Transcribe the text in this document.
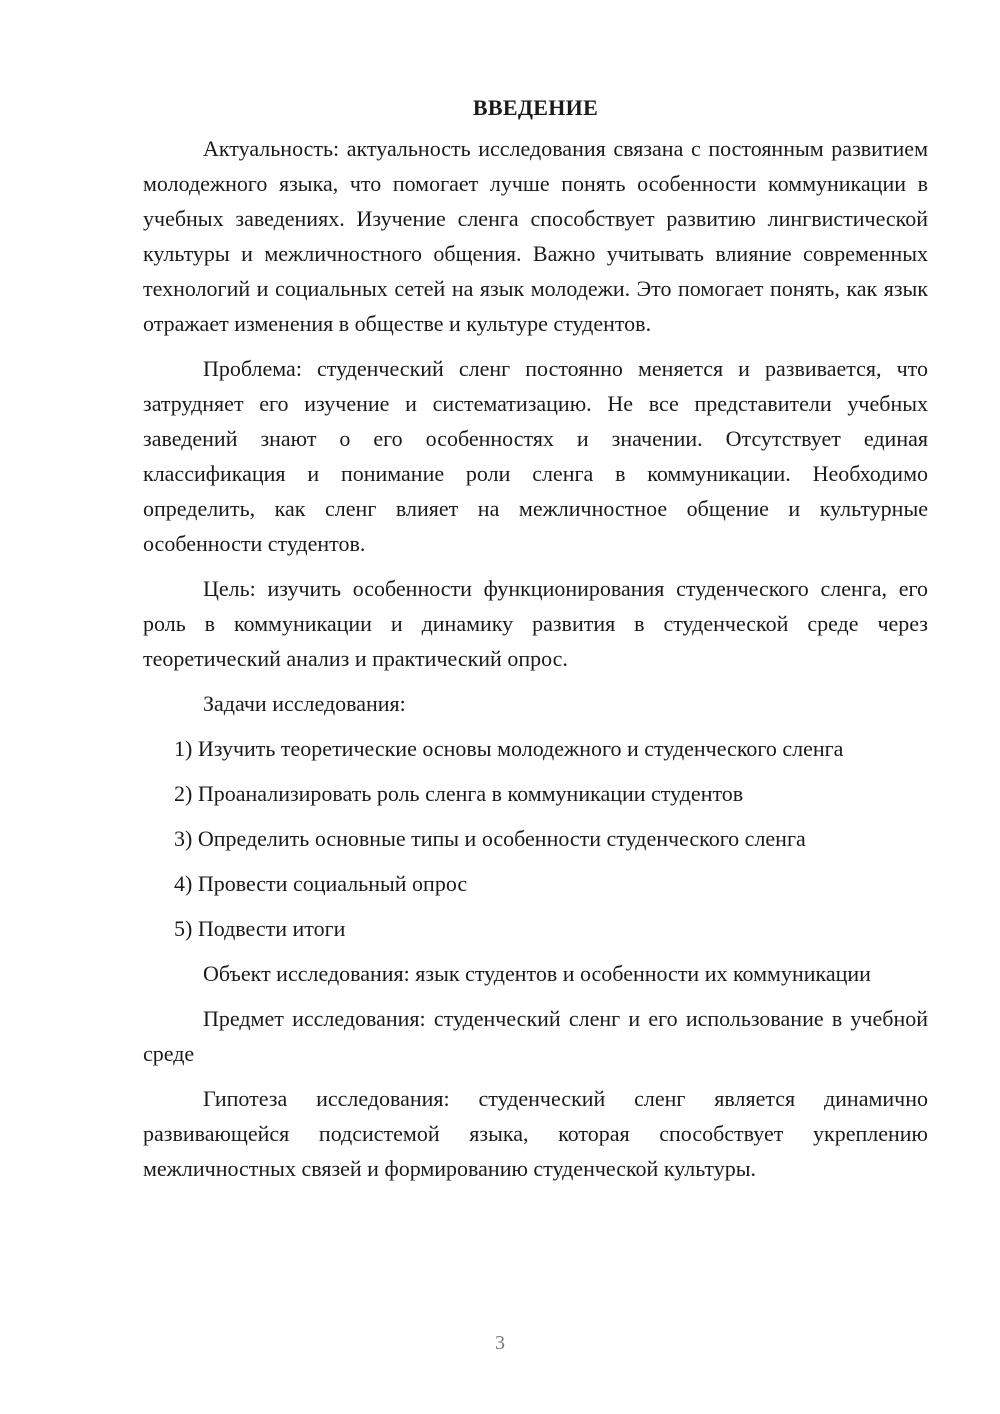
ВВЕДЕНИЕ

Актуальность: актуальность исследования связана с постоянным развитием молодежного языка, что помогает лучше понять особенности коммуникации в учебных заведениях. Изучение сленга способствует развитию лингвистической культуры и межличностного общения. Важно учитывать влияние современных технологий и социальных сетей на язык молодежи. Это помогает понять, как язык отражает изменения в обществе и культуре студентов.

Проблема: студенческий сленг постоянно меняется и развивается, что затрудняет его изучение и систематизацию. Не все представители учебных заведений знают о его особенностях и значении. Отсутствует единая классификация и понимание роли сленга в коммуникации. Необходимо определить, как сленг влияет на межличностное общение и культурные особенности студентов.

Цель: изучить особенности функционирования студенческого сленга, его роль в коммуникации и динамику развития в студенческой среде через теоретический анализ и практический опрос.

Задачи исследования:

1) Изучить теоретические основы молодежного и студенческого сленга

2) Проанализировать роль сленга в коммуникации студентов

3) Определить основные типы и особенности студенческого сленга

4) Провести социальный опрос

5) Подвести итоги

Объект исследования: язык студентов и особенности их коммуникации

Предмет исследования: студенческий сленг и его использование в учебной среде

Гипотеза исследования: студенческий сленг является динамично развивающейся подсистемой языка, которая способствует укреплению межличностных связей и формированию студенческой культуры.

3
